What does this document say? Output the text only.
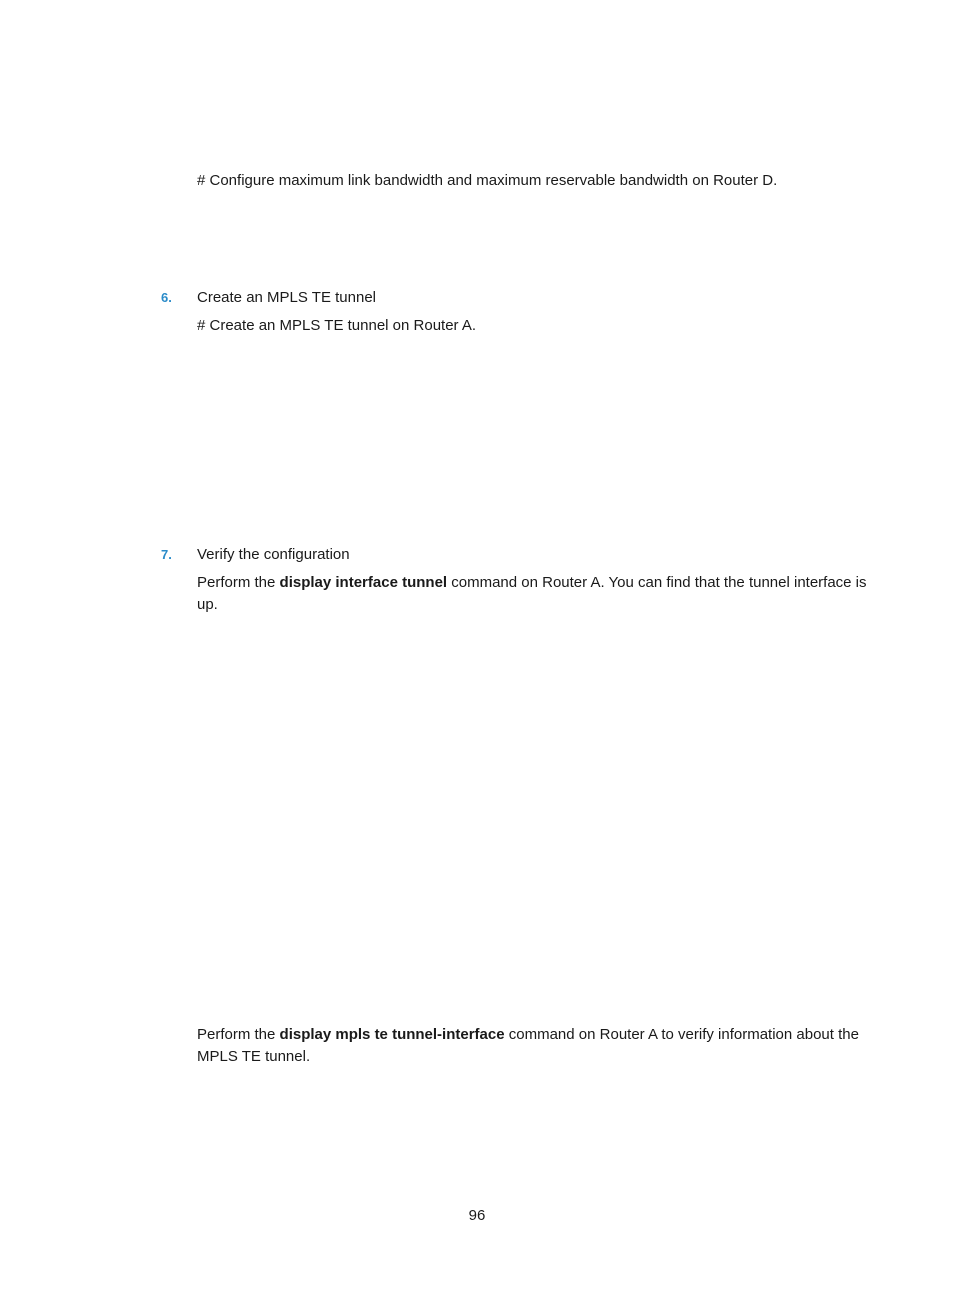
# Configure maximum link bandwidth and maximum reservable bandwidth on Router D.

6. Create an MPLS TE tunnel

# Create an MPLS TE tunnel on Router A.

7. Verify the configuration

Perform the display interface tunnel command on Router A. You can find that the tunnel interface is up.

Perform the display mpls te tunnel-interface command on Router A to verify information about the MPLS TE tunnel.

96
